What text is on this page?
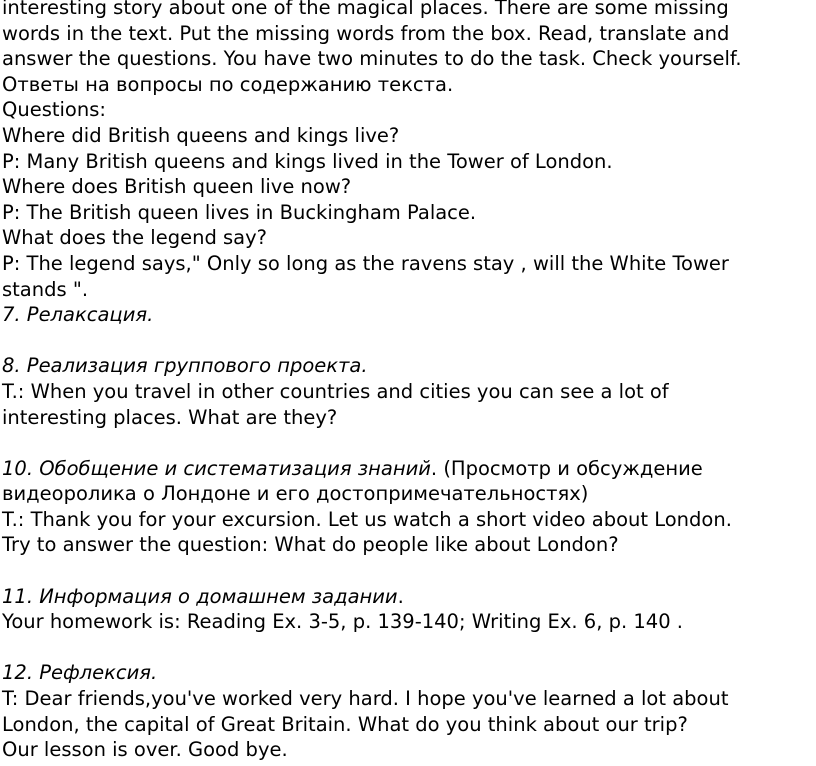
interesting story about one of the magical places. There are some missing
words in the text. Put the missing words from the box. Read, translate and
answer the questions. You have two minutes to do the task. Check yourself.
Ответы на вопросы по содержанию текста.
Questions:
Where did British queens and kings live?
P: Many British queens and kings lived in the Tower of London.
Where does British queen live now?
P: The British queen lives in Buckingham Palace.
What does the legend say?
P: The legend says," Only so long as the ravens stay , will the White Tower
stands ".
7. Релаксация.
8. Реализация группового проекта.
T.: When you travel in other countries and cities you can see a lot of
interesting places. What are they?
10. Обобщение и систематизация знаний. (Просмотр и обсуждение
видеоролика о Лондоне и его достопримечательностях)
T.: Thank you for your excursion. Let us watch a short video about London.
Try to answer the question: What do people like about London?
11. Информация о домашнем задании.
Your homework is: Reading Ex. 3-5, p. 139-140; Writing Ex. 6, p. 140 .
12. Рефлексия.
T: Dear friends,you've worked very hard. I hope you've learned a lot about
London, the capital of Great Britain. What do you think about our trip?
Our lesson is over. Good bye.
